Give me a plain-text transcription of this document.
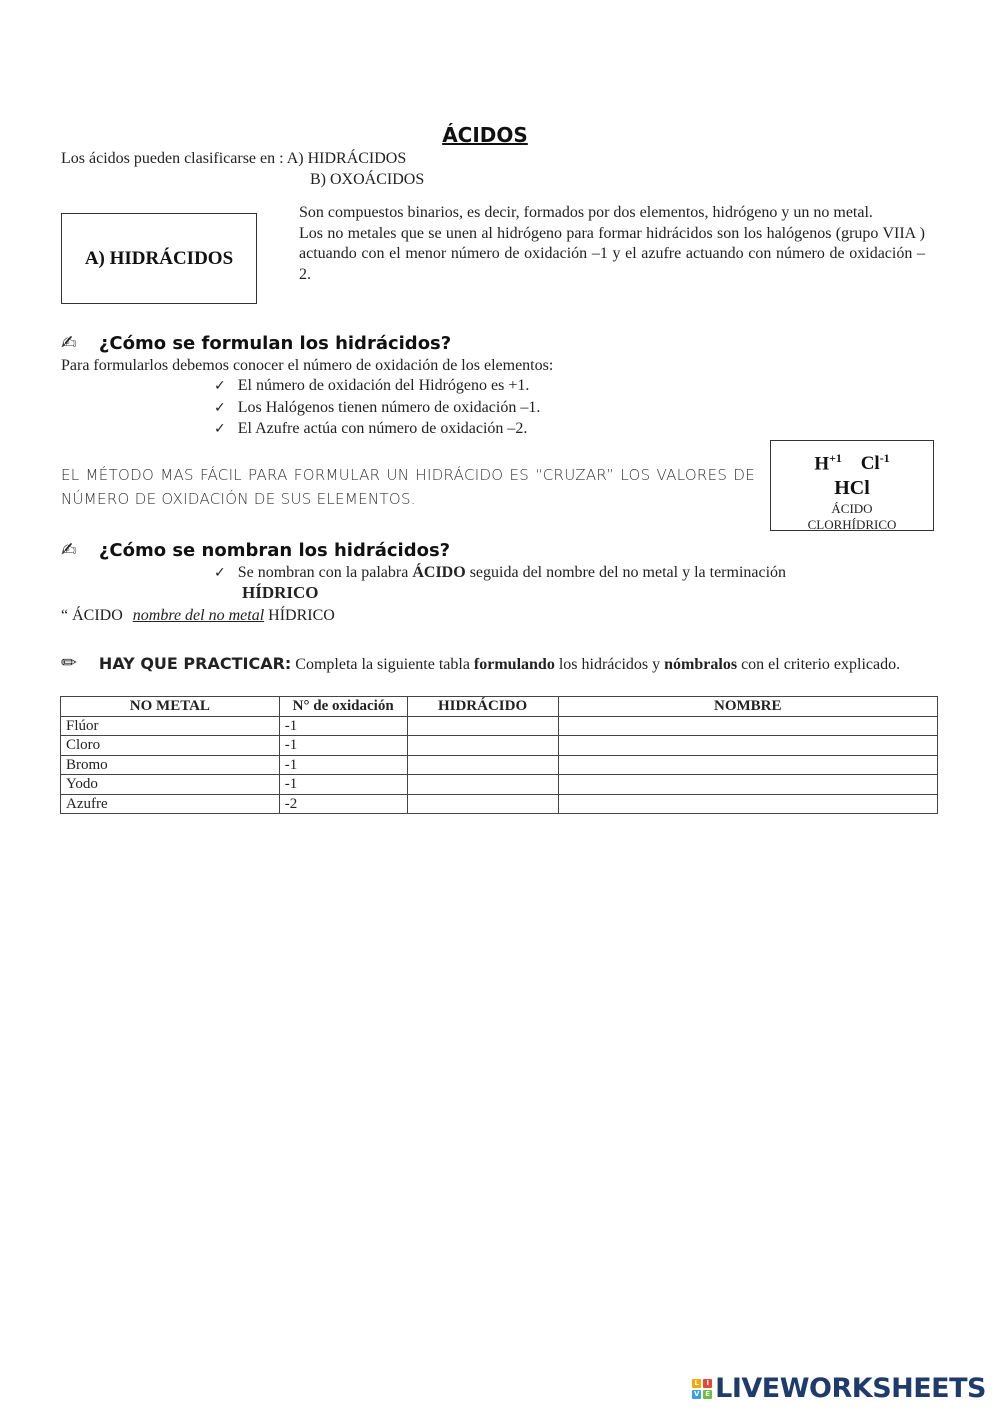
ÁCIDOS
Los ácidos pueden clasificarse en : A) HIDRÁCIDOS
B) OXOÁCIDOS
A) HIDRÁCIDOS

Son compuestos binarios, es decir, formados por dos elementos, hidrógeno y un no metal.

Los no metales que se unen al hidrógeno para formar hidrácidos son los halógenos (grupo VIIA ) actuando con el menor número de oxidación –1 y el azufre actuando con número de oxidación –2.

✍ ¿Cómo se formulan los hidrácidos?
Para formularlos debemos conocer el número de oxidación de los elementos:
✓ El número de oxidación del Hidrógeno es +1.
✓ Los Halógenos tienen número de oxidación –1.
✓ El Azufre actúa con número de oxidación –2.
EL MÉTODO MAS FÁCIL PARA FORMULAR UN HIDRÁCIDO ES “CRUZAR” LOS VALORES DE NÚMERO DE OXIDACIÓN DE SUS ELEMENTOS.
$H^{+1}$ $Cl^{-1}$
HCl
ÁCIDO
CLORHÍDRICO
✍ ¿Cómo se nombran los hidrácidos?
✓ Se nombran con la palabra ÁCIDO seguida del nombre del no metal y la terminación
HÍDRICO
“ ÁCIDO nombre del no metal HÍDRICO
✏ HAY QUE PRACTICAR: Completa la siguiente tabla formulando los hidrácidos y nómbralos con el criterio explicado.
NO METAL	N° de oxidación	HIDRÁCIDO	NOMBRE
Flúor	-1		
Cloro	-1		
Bromo	-1		
Yodo	-1		
Azufre	-2		
L	I
V E LIVEWORKSHEETS
